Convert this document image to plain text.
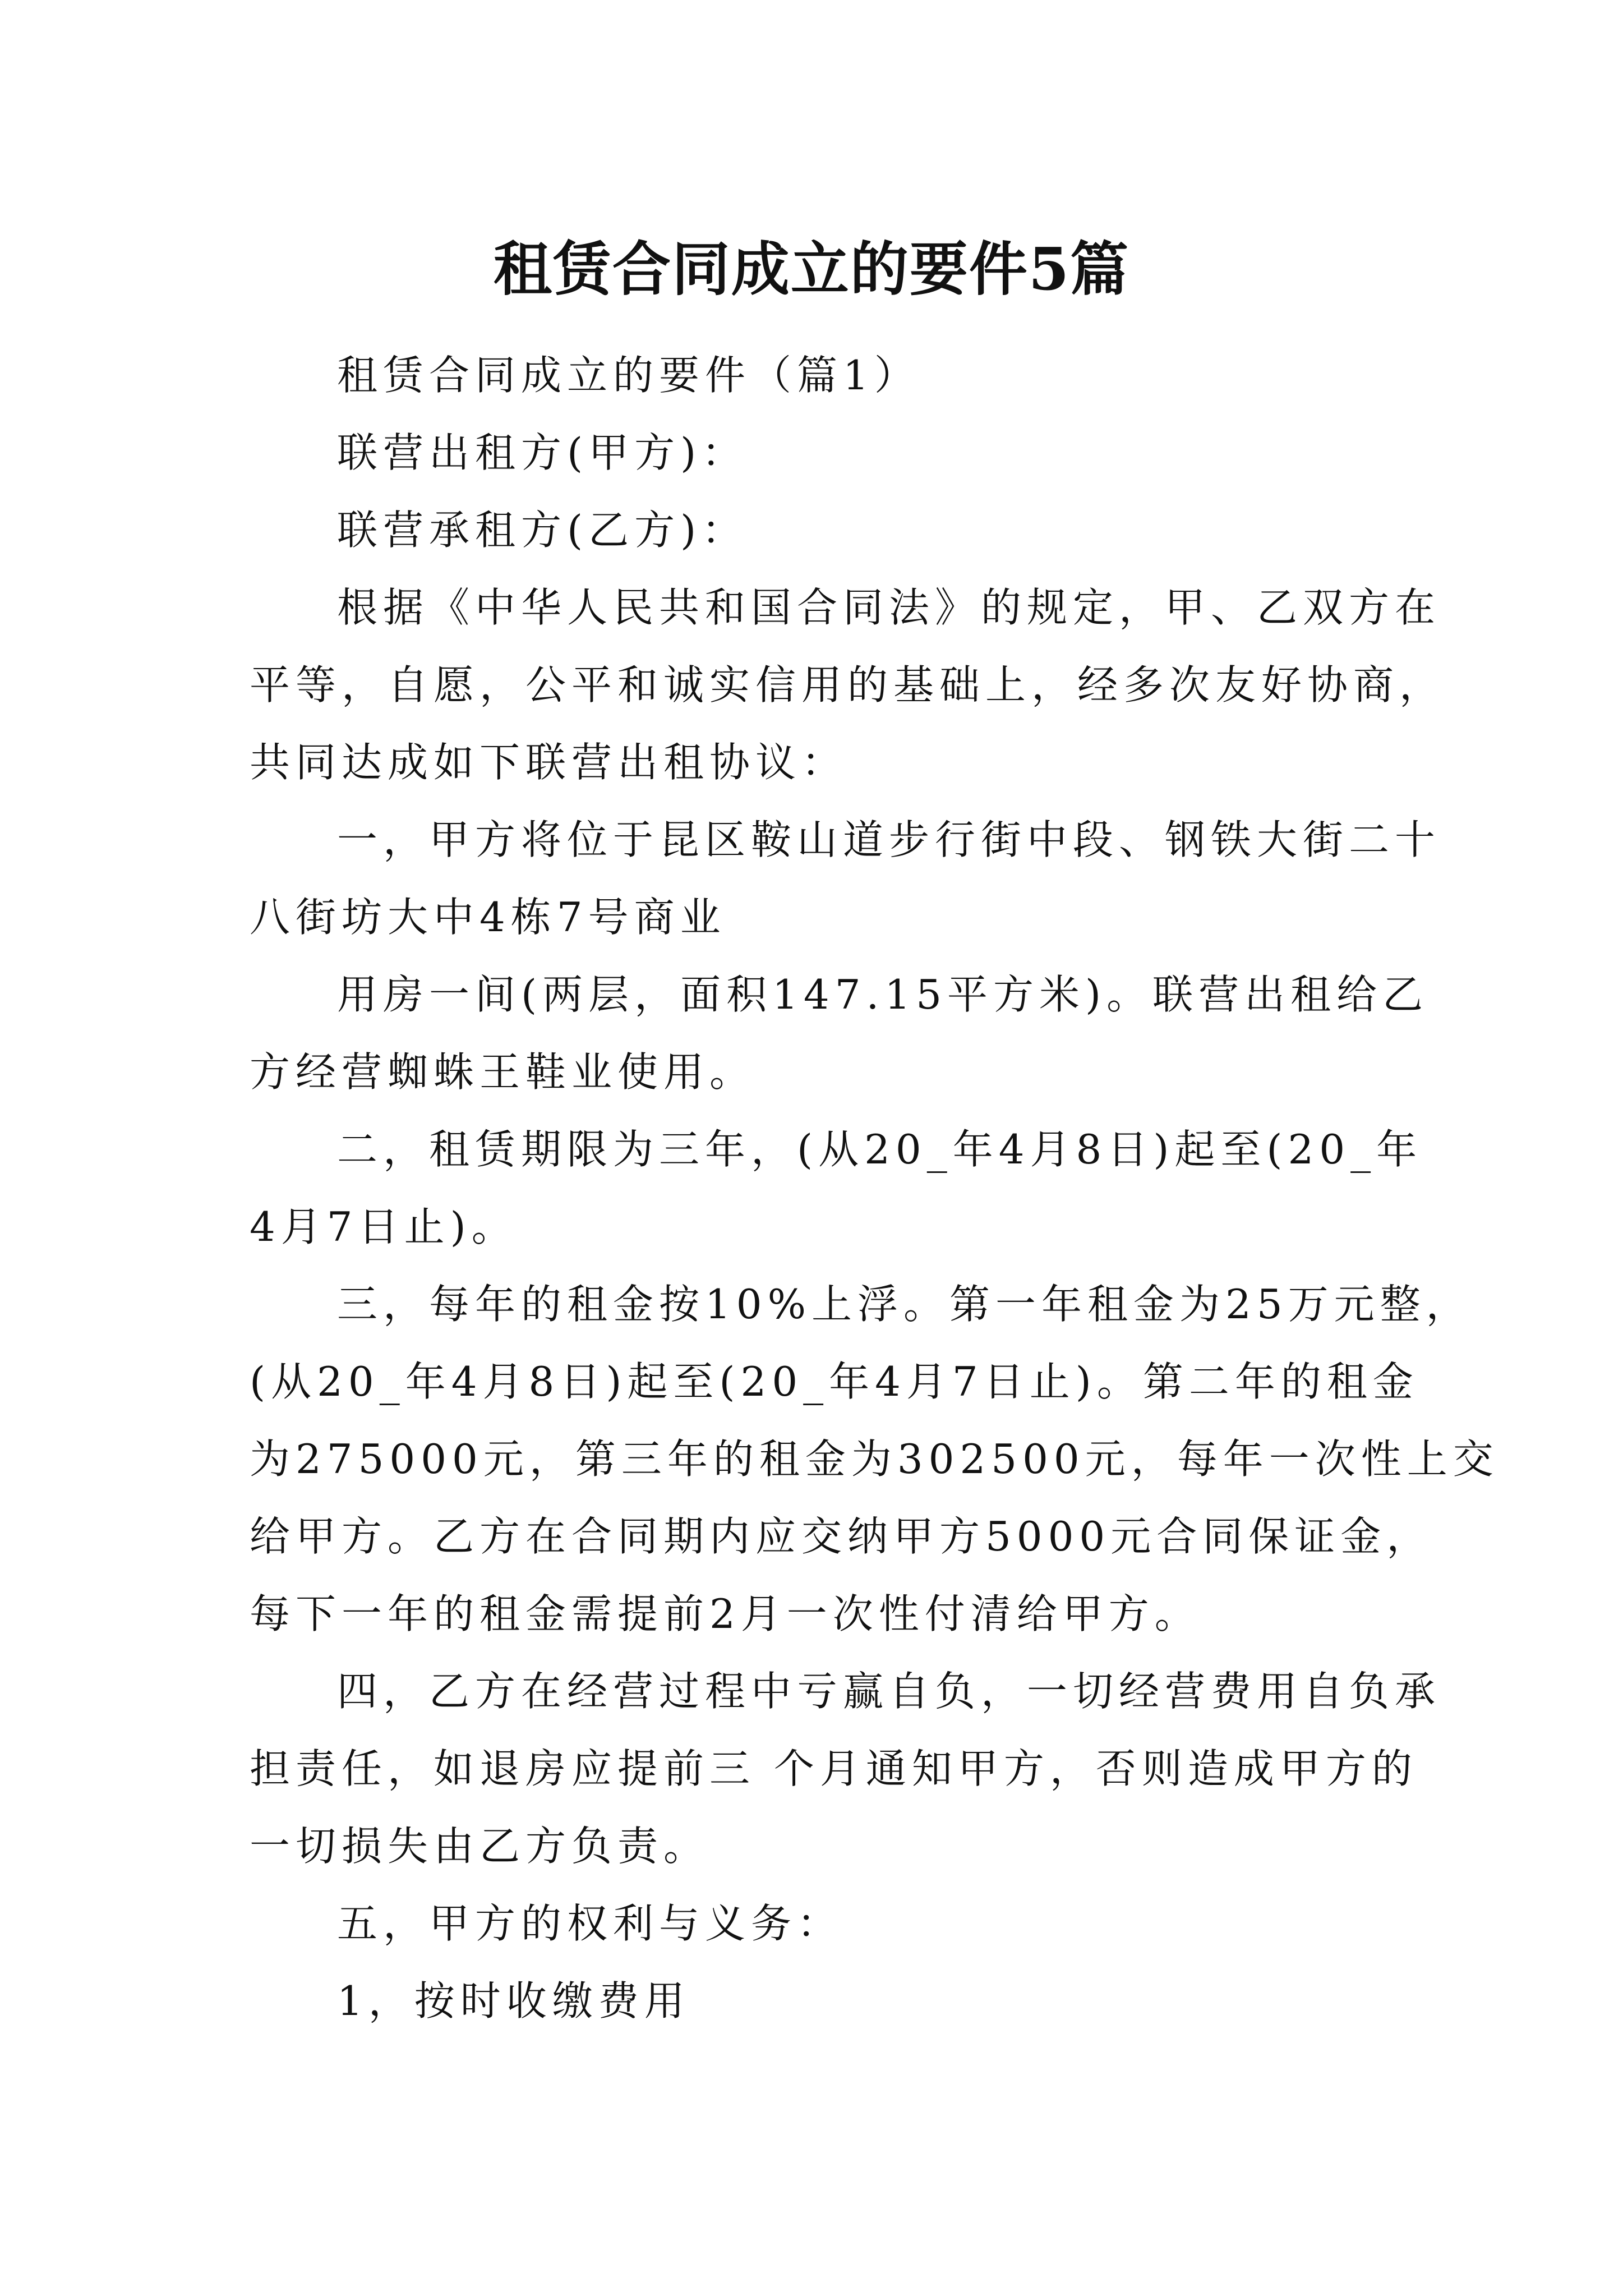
租赁合同成立的要件5篇

租赁合同成立的要件（篇1）

联营出租方(甲方)：

联营承租方(乙方)：

根据《中华人民共和国合同法》的规定，甲、乙双方在

平等，自愿，公平和诚实信用的基础上，经多次友好协商，

共同达成如下联营出租协议：

一，甲方将位于昆区鞍山道步行街中段、钢铁大街二十

八街坊大中4栋7号商业

用房一间(两层，面积147.15平方米)。联营出租给乙

方经营蜘蛛王鞋业使用。

二，租赁期限为三年，(从20_年4月8日)起至(20_年

4月7日止)。

三，每年的租金按10%上浮。第一年租金为25万元整，

(从20_年4月8日)起至(20_年4月7日止)。第二年的租金

为275000元，第三年的租金为302500元，每年一次性上交

给甲方。乙方在合同期内应交纳甲方5000元合同保证金，

每下一年的租金需提前2月一次性付清给甲方。

四，乙方在经营过程中亏赢自负，一切经营费用自负承

担责任，如退房应提前三 个月通知甲方，否则造成甲方的

一切损失由乙方负责。

五，甲方的权利与义务：

1，按时收缴费用
